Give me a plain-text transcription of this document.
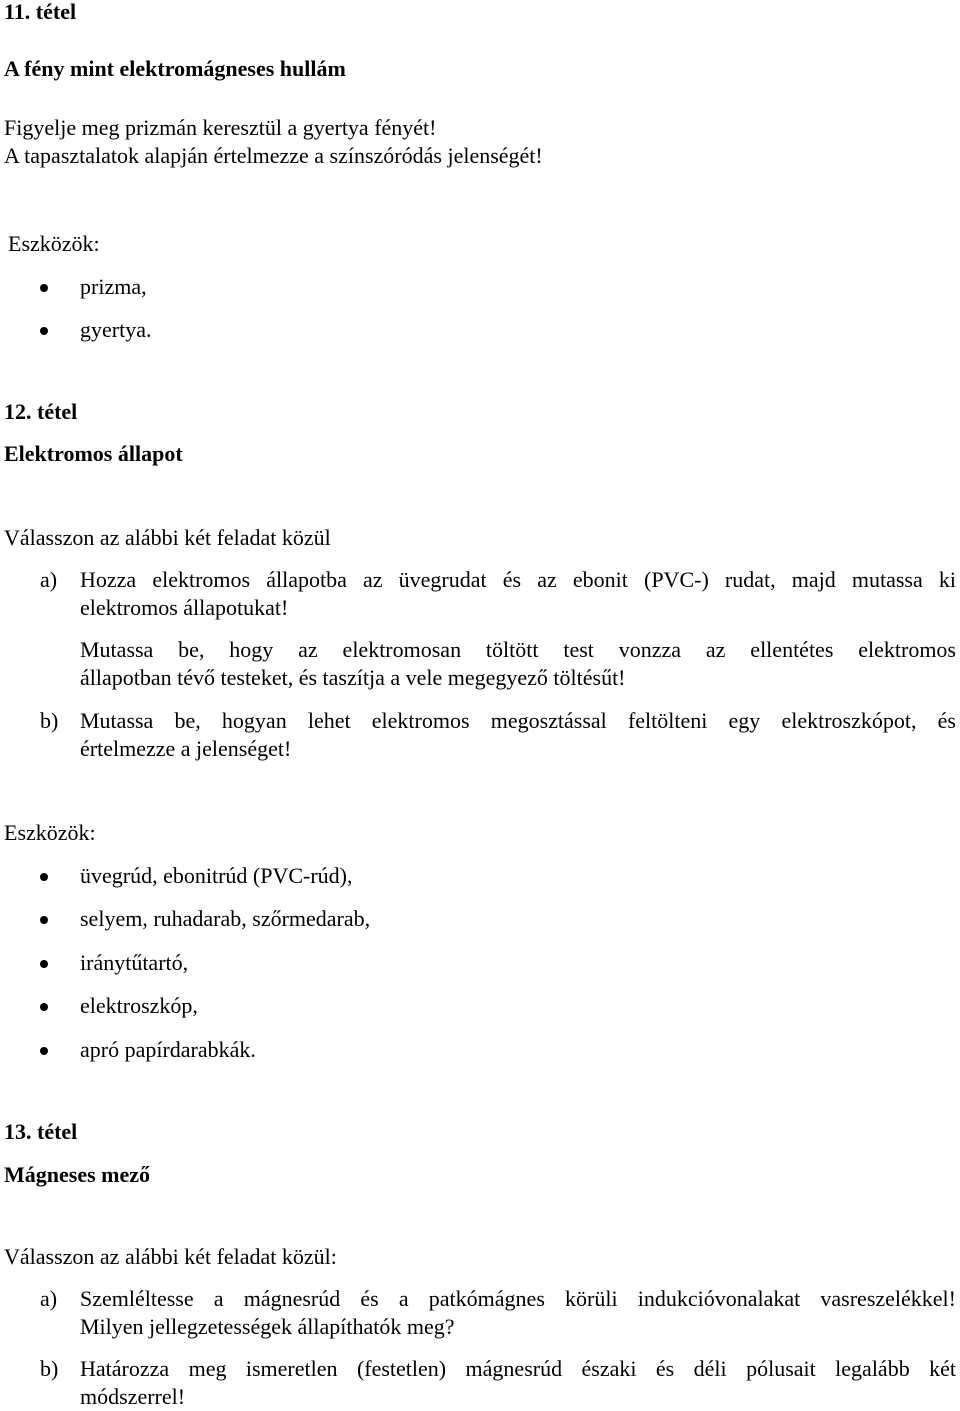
11. tétel
A fény mint elektromágneses hullám
Figyelje meg prizmán keresztül a gyertya fényét!
A tapasztalatok alapján értelmezze a színszóródás jelenségét!
Eszközök:
prizma,
gyertya.
12. tétel
Elektromos állapot
Válasszon az alábbi két feladat közül
a) Hozza elektromos állapotba az üvegrudat és az ebonit (PVC-) rudat, majd mutassa ki
elektromos állapotukat!
Mutassa be, hogy az elektromosan töltött test vonzza az ellentétes elektromos
állapotban tévő testeket, és taszítja a vele megegyező töltésűt!
b) Mutassa be, hogyan lehet elektromos megosztással feltölteni egy elektroszkópot, és
értelmezze a jelenséget!
Eszközök:
üvegrúd, ebonitrúd (PVC-rúd),
selyem, ruhadarab, szőrmedarab,
iránytűtartó,
elektroszkóp,
apró papírdarabkák.
13. tétel
Mágneses mező
Válasszon az alábbi két feladat közül:
a) Szemléltesse a mágnesrúd és a patkómágnes körüli indukcióvonalakat vasreszelékkel!
Milyen jellegzetességek állapíthatók meg?
b) Határozza meg ismeretlen (festetlen) mágnesrúd északi és déli pólusait legalább két
módszerrel!
